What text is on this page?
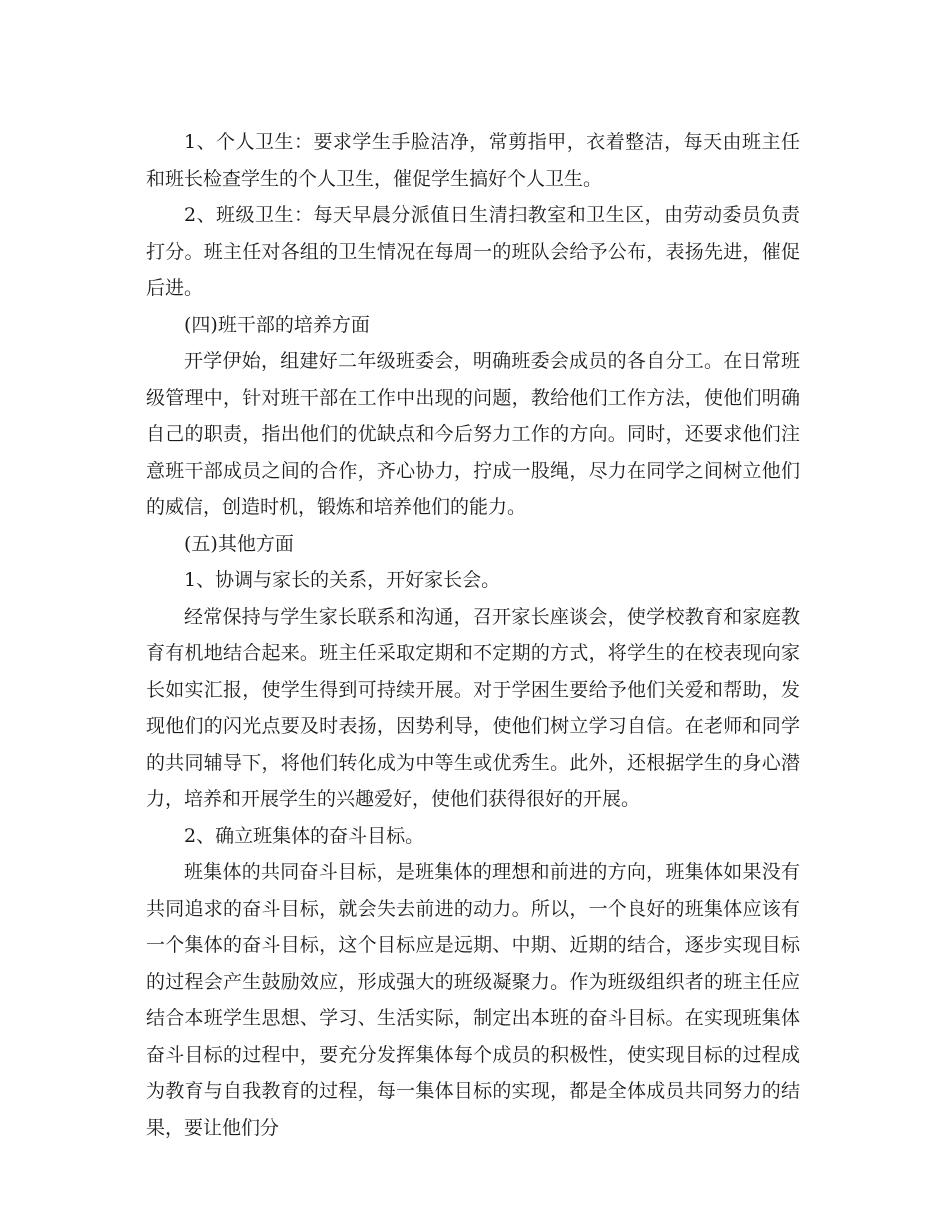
1、个人卫生：要求学生手脸洁净，常剪指甲，衣着整洁，每天由班主任和班长检查学生的个人卫生，催促学生搞好个人卫生。

2、班级卫生：每天早晨分派值日生清扫教室和卫生区，由劳动委员负责打分。班主任对各组的卫生情况在每周一的班队会给予公布，表扬先进，催促后进。

(四)班干部的培养方面

开学伊始，组建好二年级班委会，明确班委会成员的各自分工。在日常班级管理中，针对班干部在工作中出现的问题，教给他们工作方法，使他们明确自己的职责，指出他们的优缺点和今后努力工作的方向。同时，还要求他们注意班干部成员之间的合作，齐心协力，拧成一股绳，尽力在同学之间树立他们的威信，创造时机，锻炼和培养他们的能力。

(五)其他方面

1、协调与家长的关系，开好家长会。

经常保持与学生家长联系和沟通，召开家长座谈会，使学校教育和家庭教育有机地结合起来。班主任采取定期和不定期的方式，将学生的在校表现向家长如实汇报，使学生得到可持续开展。对于学困生要给予他们关爱和帮助，发现他们的闪光点要及时表扬，因势利导，使他们树立学习自信。在老师和同学的共同辅导下，将他们转化成为中等生或优秀生。此外，还根据学生的身心潜力，培养和开展学生的兴趣爱好，使他们获得很好的开展。

2、确立班集体的奋斗目标。

班集体的共同奋斗目标，是班集体的理想和前进的方向，班集体如果没有共同追求的奋斗目标，就会失去前进的动力。所以，一个良好的班集体应该有一个集体的奋斗目标，这个目标应是远期、中期、近期的结合，逐步实现目标的过程会产生鼓励效应，形成强大的班级凝聚力。作为班级组织者的班主任应结合本班学生思想、学习、生活实际，制定出本班的奋斗目标。在实现班集体奋斗目标的过程中，要充分发挥集体每个成员的积极性，使实现目标的过程成为教育与自我教育的过程，每一集体目标的实现，都是全体成员共同努力的结果，要让他们分
